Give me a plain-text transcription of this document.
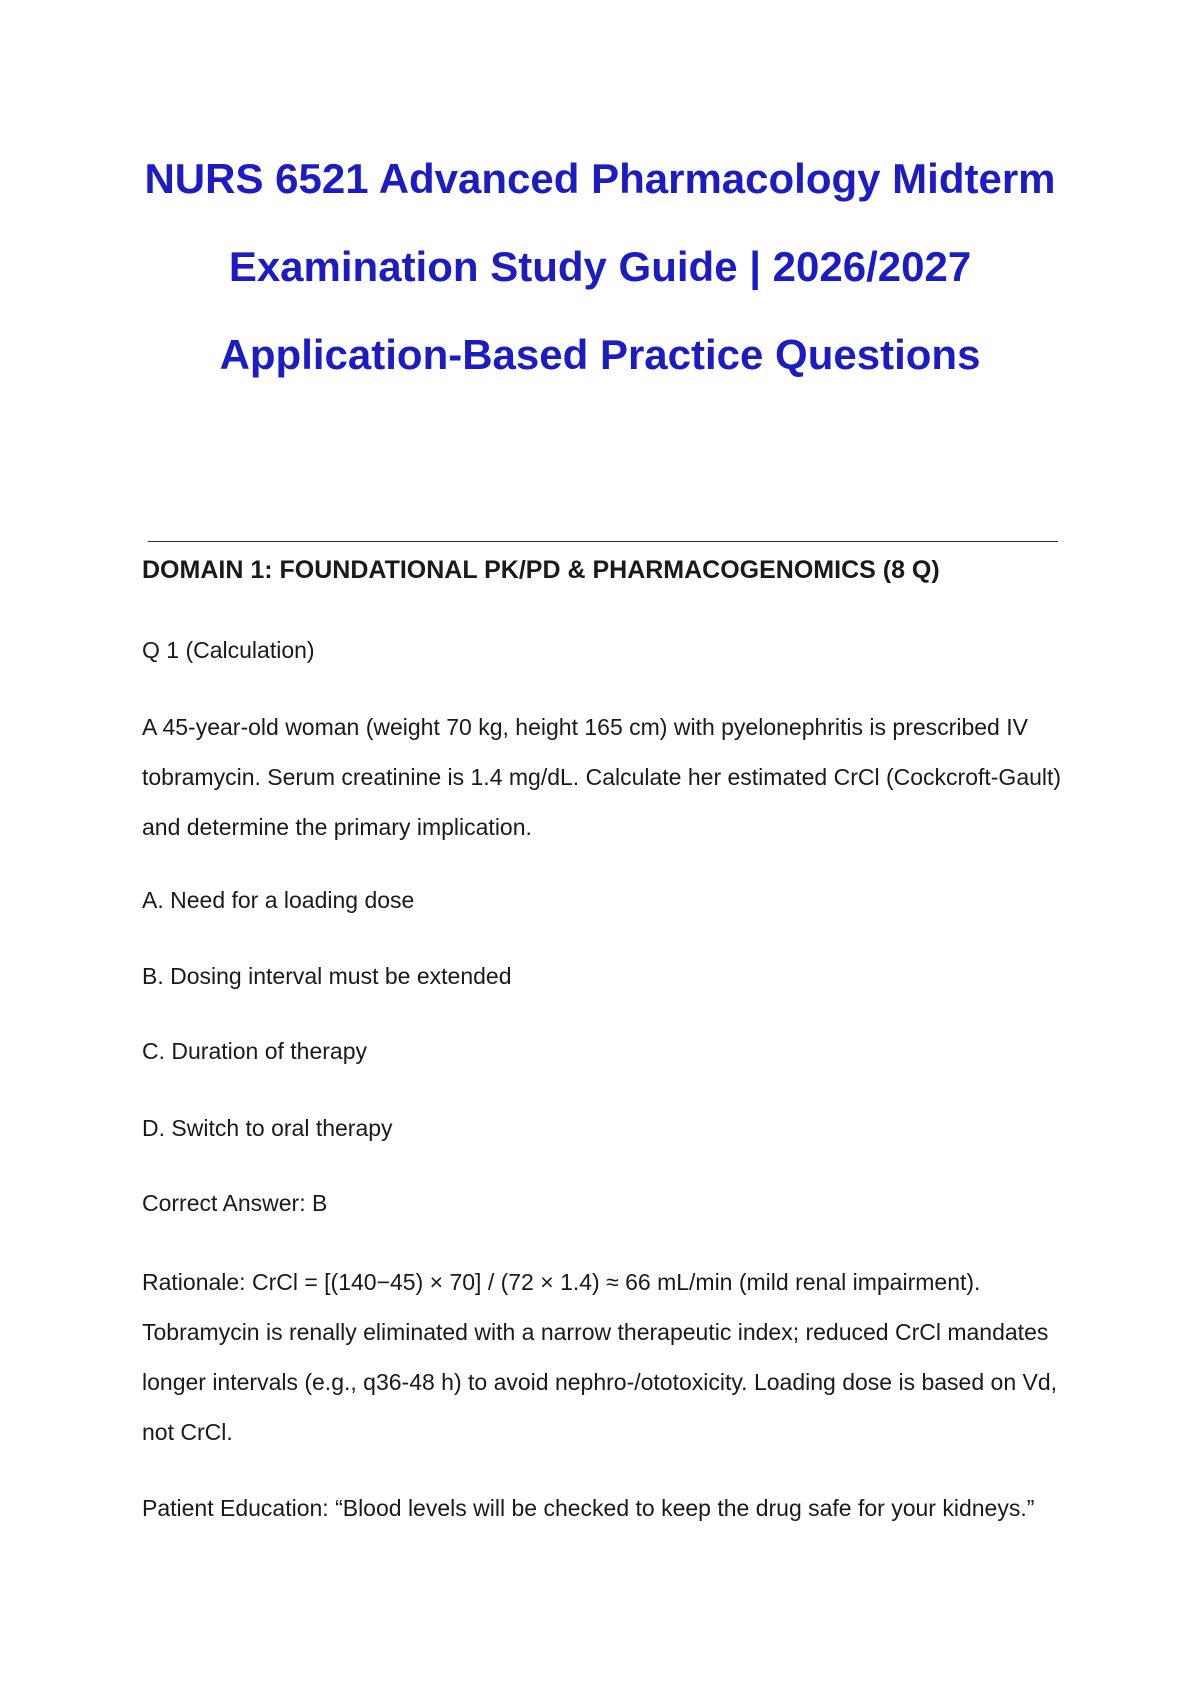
NURS 6521 Advanced Pharmacology Midterm
Examination Study Guide | 2026/2027
Application-Based Practice Questions
DOMAIN 1: FOUNDATIONAL PK/PD & PHARMACOGENOMICS (8 Q)
Q 1 (Calculation)
A 45-year-old woman (weight 70 kg, height 165 cm) with pyelonephritis is prescribed IV tobramycin. Serum creatinine is 1.4 mg/dL. Calculate her estimated CrCl (Cockcroft-Gault) and determine the primary implication.
A. Need for a loading dose
B. Dosing interval must be extended
C. Duration of therapy
D. Switch to oral therapy
Correct Answer: B
Rationale: CrCl = [(140−45) × 70] / (72 × 1.4) ≈ 66 mL/min (mild renal impairment). Tobramycin is renally eliminated with a narrow therapeutic index; reduced CrCl mandates longer intervals (e.g., q36-48 h) to avoid nephro-/ototoxicity. Loading dose is based on Vd, not CrCl.
Patient Education: “Blood levels will be checked to keep the drug safe for your kidneys.”
